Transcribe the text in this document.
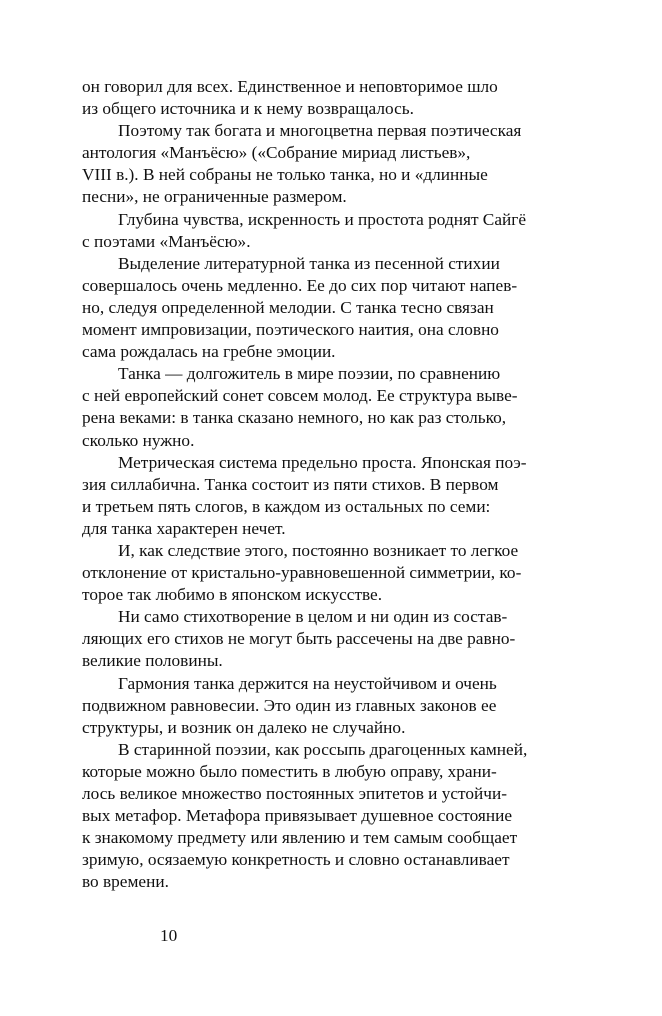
он говорил для всех. Единственное и неповторимое шло
из общего источника и к нему возвращалось.

Поэтому так богата и многоцветна первая поэтическая
антология «Манъёсю» («Собрание мириад листьев»,
VIII в.). В ней собраны не только танка, но и «длинные
песни», не ограниченные размером.

Глубина чувства, искренность и простота роднят Сайгё
с поэтами «Манъёсю».

Выделение литературной танка из песенной стихии
совершалось очень медленно. Ее до сих пор читают напев-
но, следуя определенной мелодии. С танка тесно связан
момент импровизации, поэтического наития, она словно
сама рождалась на гребне эмоции.

Танка — долгожитель в мире поэзии, по сравнению
с ней европейский сонет совсем молод. Ее структура выве-
рена веками: в танка сказано немного, но как раз столько,
сколько нужно.

Метрическая система предельно проста. Японская поэ-
зия силлабична. Танка состоит из пяти стихов. В первом
и третьем пять слогов, в каждом из остальных по семи:
для танка характерен нечет.

И, как следствие этого, постоянно возникает то легкое
отклонение от кристально-уравновешенной симметрии, ко-
торое так любимо в японском искусстве.

Ни само стихотворение в целом и ни один из состав-
ляющих его стихов не могут быть рассечены на две равно-
великие половины.

Гармония танка держится на неустойчивом и очень
подвижном равновесии. Это один из главных законов ее
структуры, и возник он далеко не случайно.

В старинной поэзии, как россыпь драгоценных камней,
которые можно было поместить в любую оправу, храни-
лось великое множество постоянных эпитетов и устойчи-
вых метафор. Метафора привязывает душевное состояние
к знакомому предмету или явлению и тем самым сообщает
зримую, осязаемую конкретность и словно останавливает
во времени.

10
